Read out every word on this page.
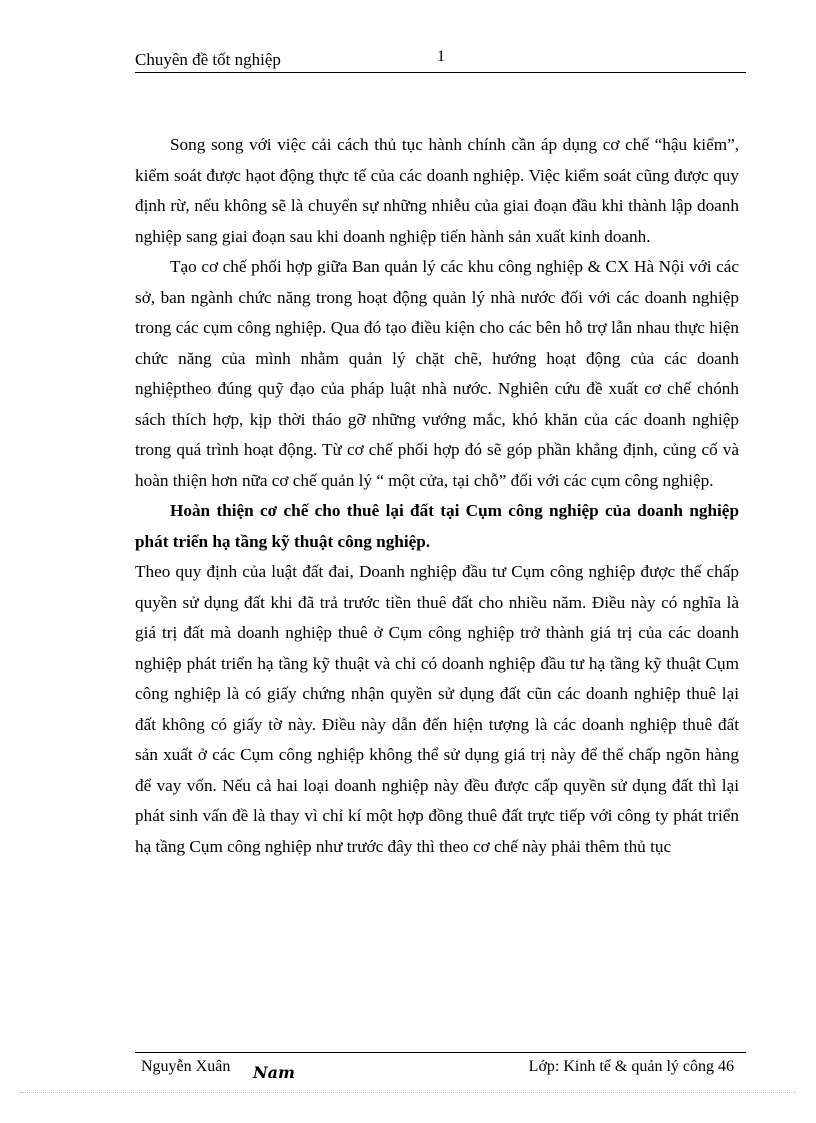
Chuyên đề tốt nghiệp	1

Song song với việc cải cách thủ tục hành chính cần áp dụng cơ chế “hậu kiểm”, kiểm soát được hạot động thực tế của các doanh nghiệp. Việc kiểm soát cũng được quy định rừ, nếu không sẽ là chuyển sự những nhiễu của giai đoạn đầu khi thành lập doanh nghiệp sang giai đoạn sau khi doanh nghiệp tiến hành sản xuất kinh doanh.

Tạo cơ chế phối hợp giữa Ban quản lý các khu công nghiệp & CX Hà Nội với các sở, ban ngành chức năng trong hoạt động quản lý nhà nước đối với các doanh nghiệp trong các cụm công nghiệp. Qua đó tạo điều kiện cho các bên hỗ trợ lẫn nhau thực hiện chức năng của mình nhằm quản lý chặt chẽ, hướng hoạt động của các doanh nghiệptheo đúng quỹ đạo của pháp luật nhà nước. Nghiên cứu đề xuất cơ chế chónh sách thích hợp, kịp thời tháo gỡ những vướng mắc, khó khăn của các doanh nghiệp trong quá trình hoạt động. Từ cơ chế phối hợp đó sẽ góp phần khẳng định, củng cố và hoàn thiện hơn nữa cơ chế quản lý “ một cửa, tại chỗ” đối với các cụm công nghiệp.

Hoàn thiện cơ chế cho thuê lại đất tại Cụm công nghiệp của doanh nghiệp phát triển hạ tầng kỹ thuật công nghiệp.

Theo quy định của luật đất đai, Doanh nghiệp đầu tư Cụm công nghiệp được thế chấp quyền sử dụng đất khi đã trả trước tiền thuê đất cho nhiều năm. Điều này có nghĩa là giá trị đất mà doanh nghiệp thuê ở Cụm công nghiệp trở thành giá trị của các doanh nghiệp phát triển hạ tầng kỹ thuật và chỉ có doanh nghiệp đầu tư hạ tầng kỹ thuật Cụm công nghiệp là có giấy chứng nhận quyền sử dụng đất cũn các doanh nghiệp thuê lại đất không có giấy tờ này. Điều này dẫn đến hiện tượng là các doanh nghiệp thuê đất sản xuất ở các Cụm công nghiệp không thể sử dụng giá trị này để thế chấp ngõn hàng để vay vốn. Nếu cả hai loại doanh nghiệp này đều được cấp quyền sử dụng đất thì lại phát sinh vấn đề là thay vì chỉ kí một hợp đồng thuê đất trực tiếp với công ty phát triển hạ tầng Cụm công nghiệp như trước đây thì theo cơ chế này phải thêm thủ tục

Nguyễn Xuân Nam	Lớp: Kinh tế & quản lý công 46
